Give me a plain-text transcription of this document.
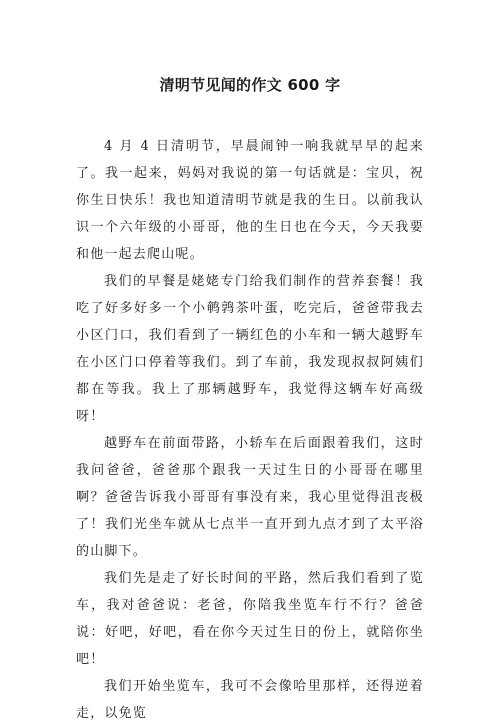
清明节见闻的作文 600 字

4 月 4 日清明节，早晨闹钟一响我就早早的起来了。我一起来，妈妈对我说的第一句话就是：宝贝，祝你生日快乐！我也知道清明节就是我的生日。以前我认识一个六年级的小哥哥，他的生日也在今天，今天我要和他一起去爬山呢。

我们的早餐是姥姥专门给我们制作的营养套餐！我吃了好多好多一个小鹌鹑茶叶蛋，吃完后，爸爸带我去小区门口，我们看到了一辆红色的小车和一辆大越野车在小区门口停着等我们。到了车前，我发现叔叔阿姨们都在等我。我上了那辆越野车，我觉得这辆车好高级呀！

越野车在前面带路，小轿车在后面跟着我们，这时我问爸爸，爸爸那个跟我一天过生日的小哥哥在哪里啊？爸爸告诉我小哥哥有事没有来，我心里觉得沮丧极了！我们光坐车就从七点半一直开到九点才到了太平浴的山脚下。

我们先是走了好长时间的平路，然后我们看到了览车，我对爸爸说：老爸，你陪我坐览车行不行？爸爸说：好吧，好吧，看在你今天过生日的份上，就陪你坐吧！

我们开始坐览车，我可不会像哈里那样，还得逆着走，以免览
